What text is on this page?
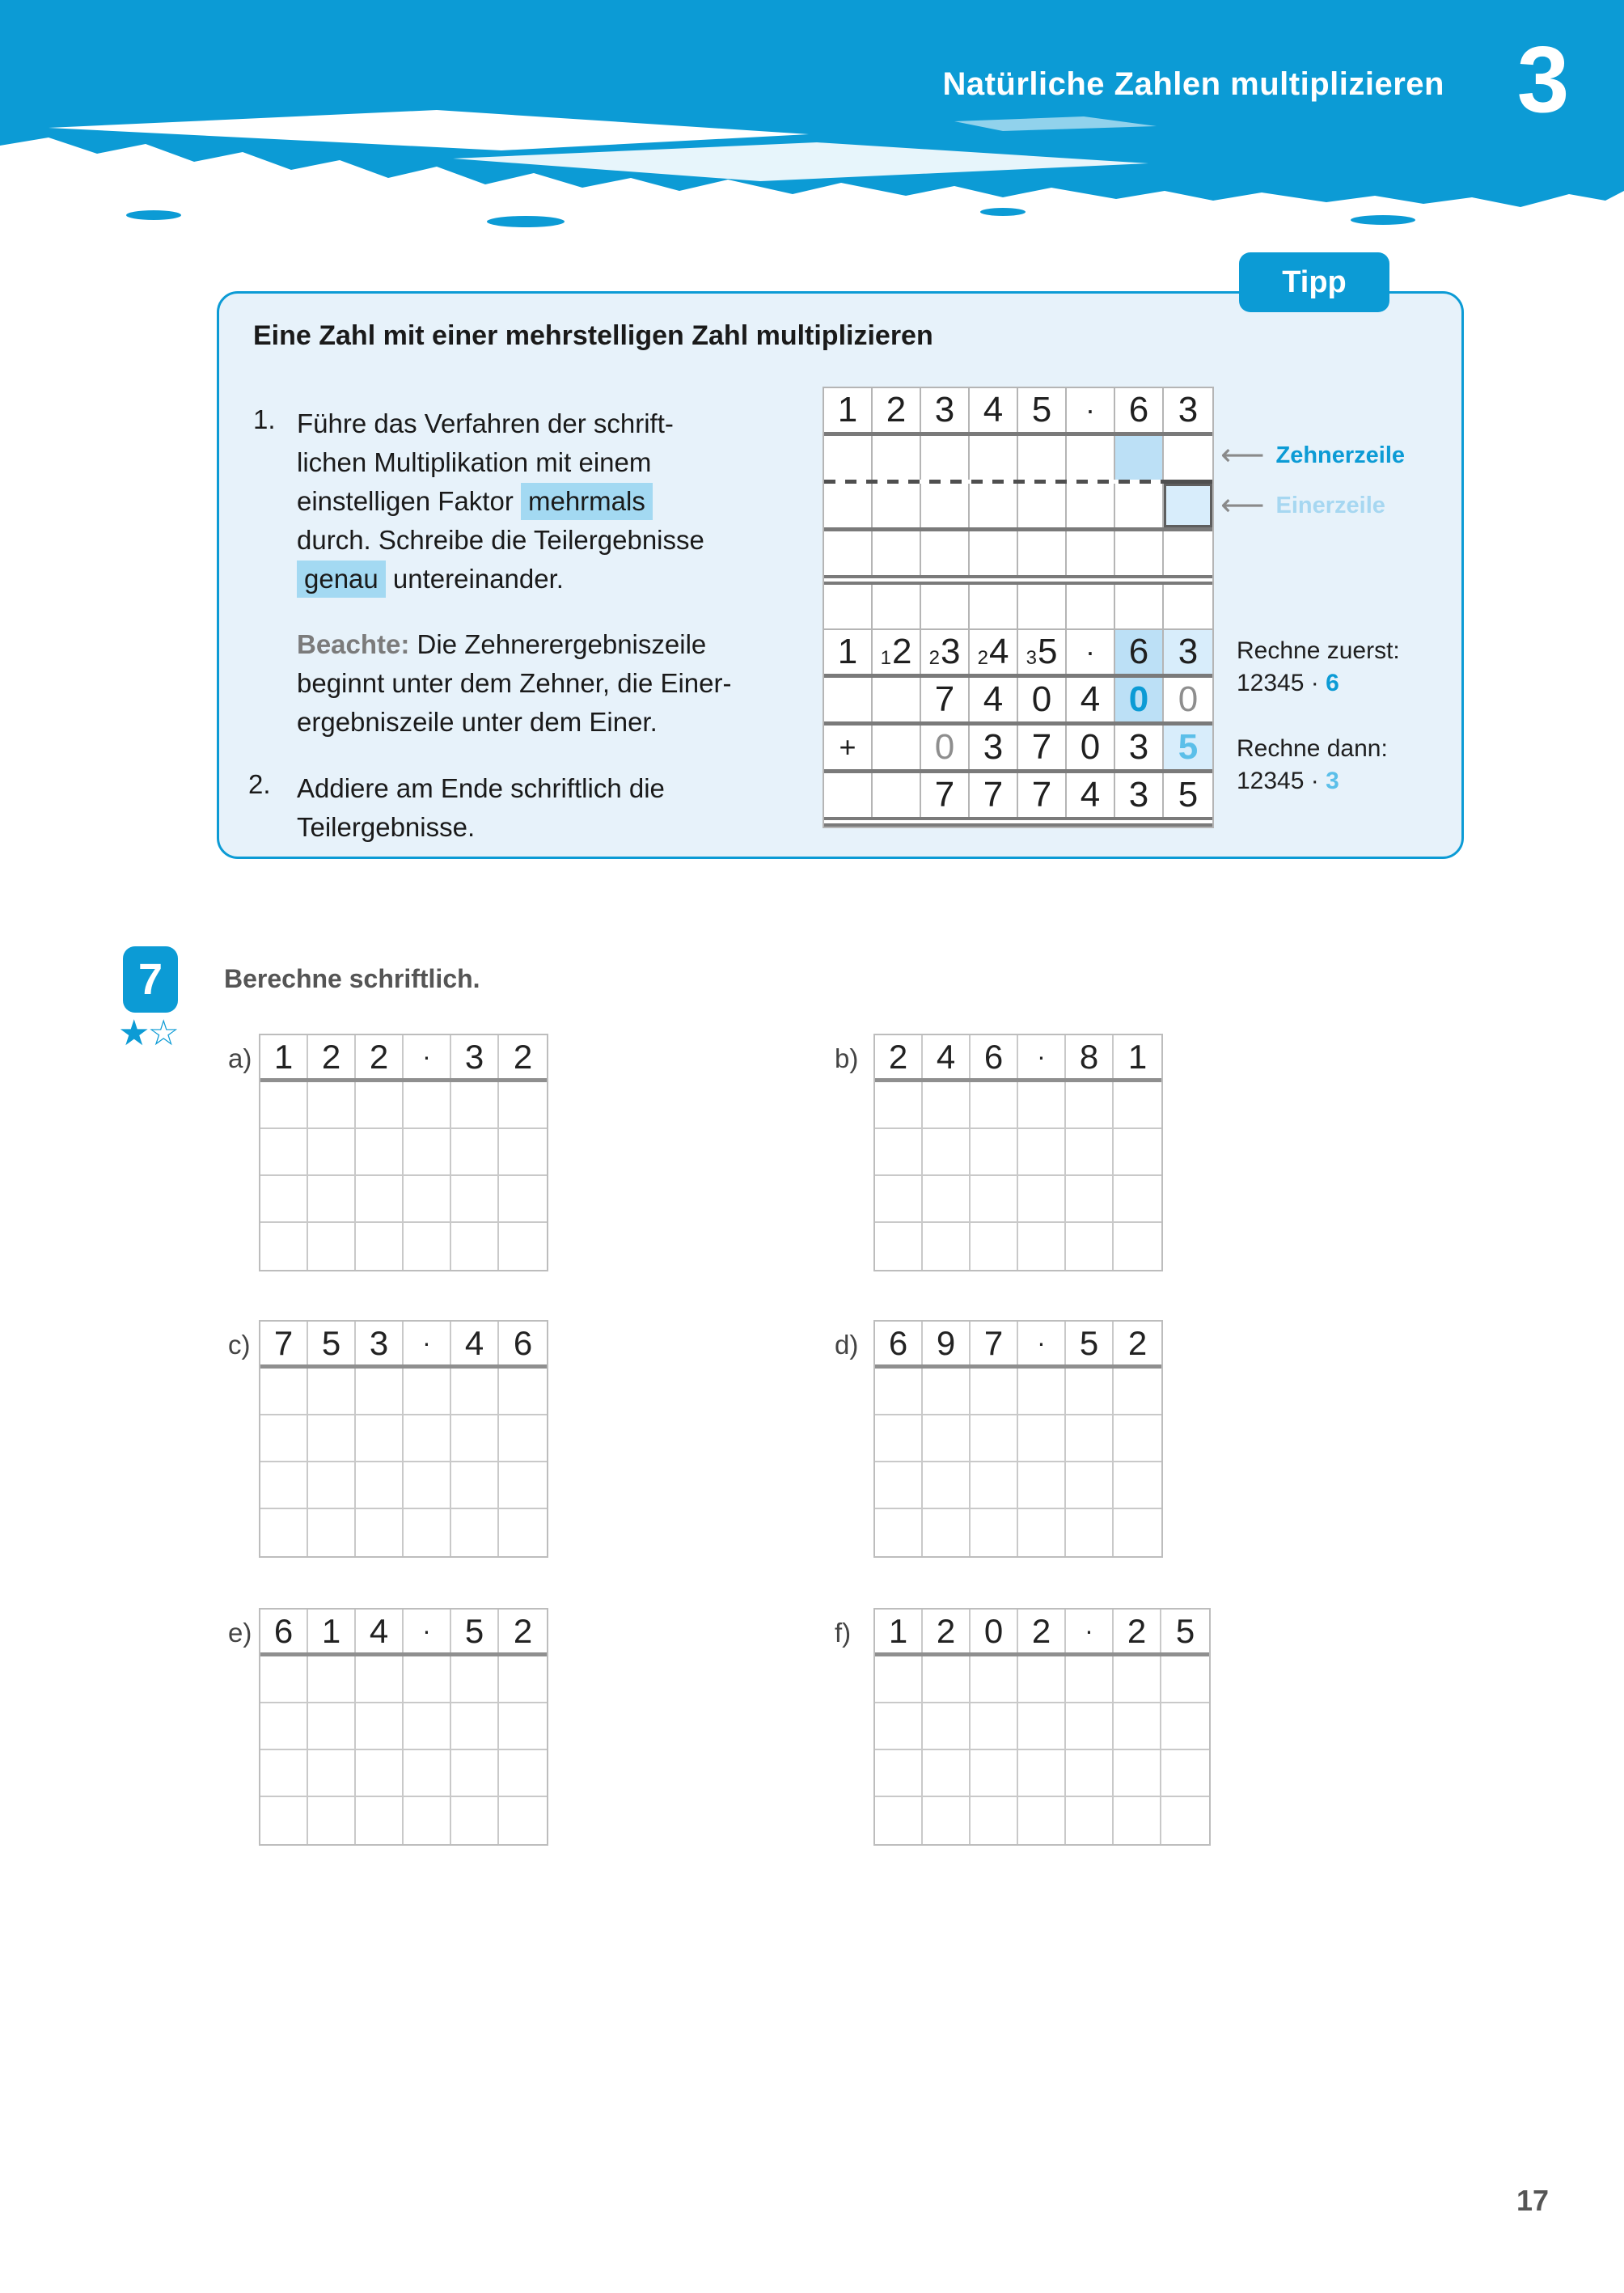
Natürliche Zahlen multiplizieren 3
Tipp
Eine Zahl mit einer mehrstelligen Zahl multiplizieren
1. Führe das Verfahren der schrift-
lichen Multiplikation mit einem
einstelligen Faktor mehrmals
durch. Schreibe die Teilergebnisse
genau untereinander.
Beachte: Die Zehnerergebniszeile
beginnt unter dem Zehner, die Einer-
ergebniszeile unter dem Einer.
2. Addiere am Ende schriftlich die
Teilergebnisse.
1 2 3 4 5 · 6 3
1 1 2 2 3 2 4 3 5 · 6 3
7 4 0 4 0 0
+ 0 3 7 0 3 5
7 7 7 4 3 5
⟵ Zehnerzeile
⟵ Einerzeile
Rechne zuerst:
12345 · 6
Rechne dann:
12345 · 3
7
★☆
Berechne schriftlich.
a) 1 2 2	· 3 2	b) 2 4 6	· 8 1
c) 7 5 3	· 4 6	d) 6 9 7	· 5 2
e) 6 1 4	· 5 2	f)	1 2 0 2	· 2 5
17
